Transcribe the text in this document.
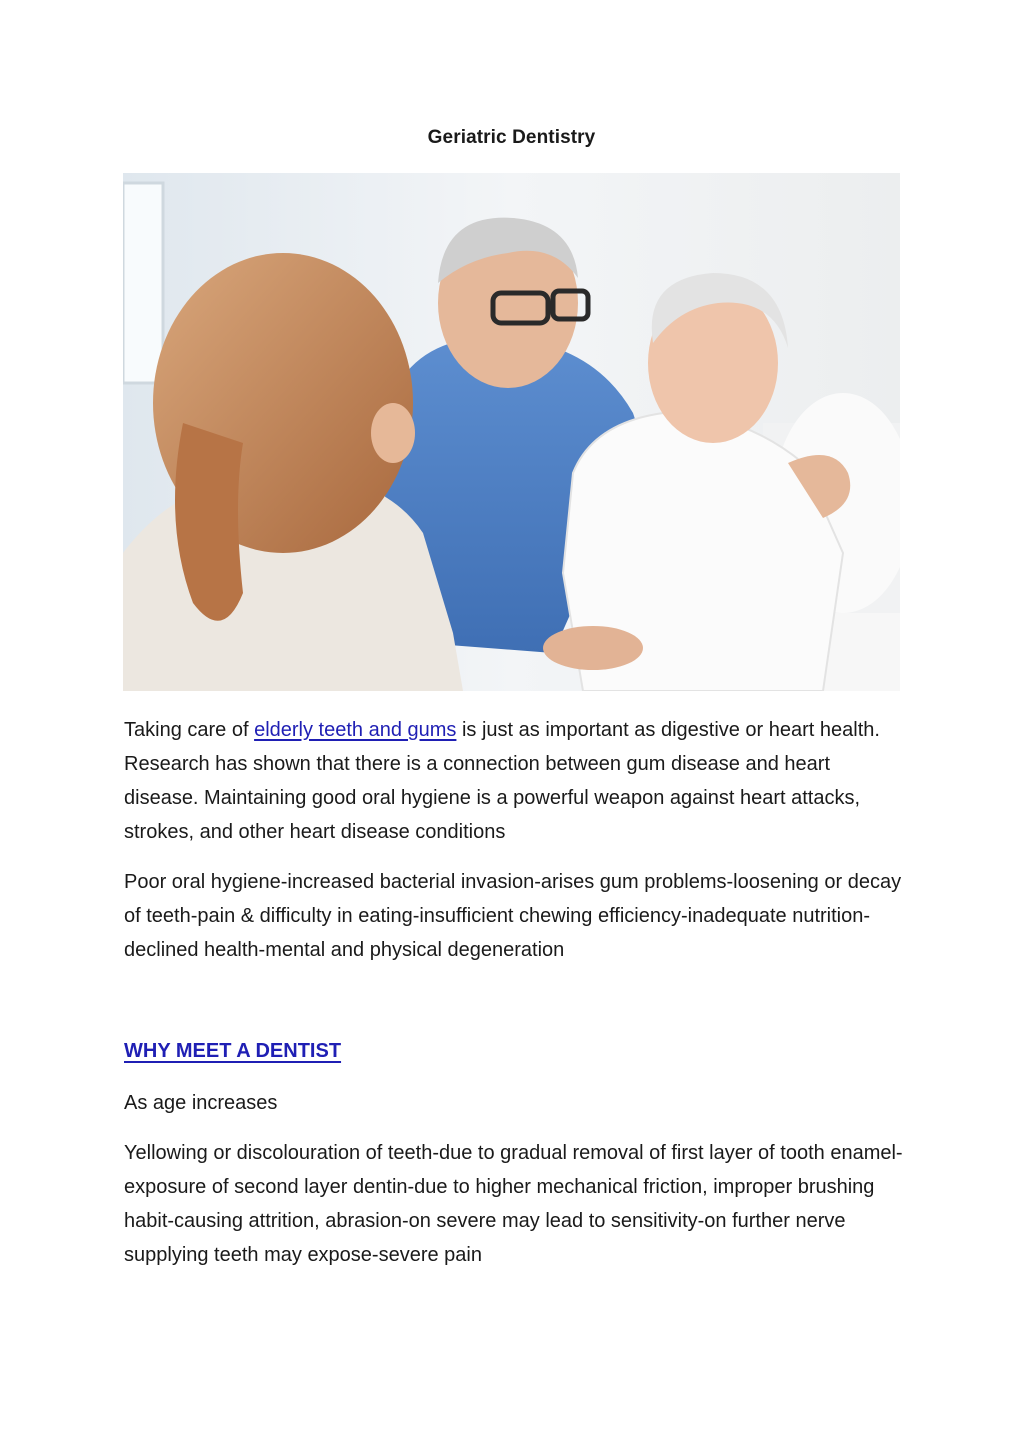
Geriatric Dentistry

Taking care of elderly teeth and gums is just as important as digestive or heart health. Research has shown that there is a connection between gum disease and heart disease. Maintaining good oral hygiene is a powerful weapon against heart attacks, strokes, and other heart disease conditions

Poor oral hygiene-increased bacterial invasion-arises gum problems-loosening or decay of teeth-pain & difficulty in eating-insufficient chewing efficiency-inadequate nutrition- declined health-mental and physical degeneration

WHY MEET A DENTIST

As age increases

Yellowing or discolouration of teeth-due to gradual removal of first layer of tooth enamel-exposure of second layer dentin-due to higher mechanical friction, improper brushing habit-causing attrition, abrasion-on severe may lead to sensitivity-on further nerve supplying teeth may expose-severe pain
